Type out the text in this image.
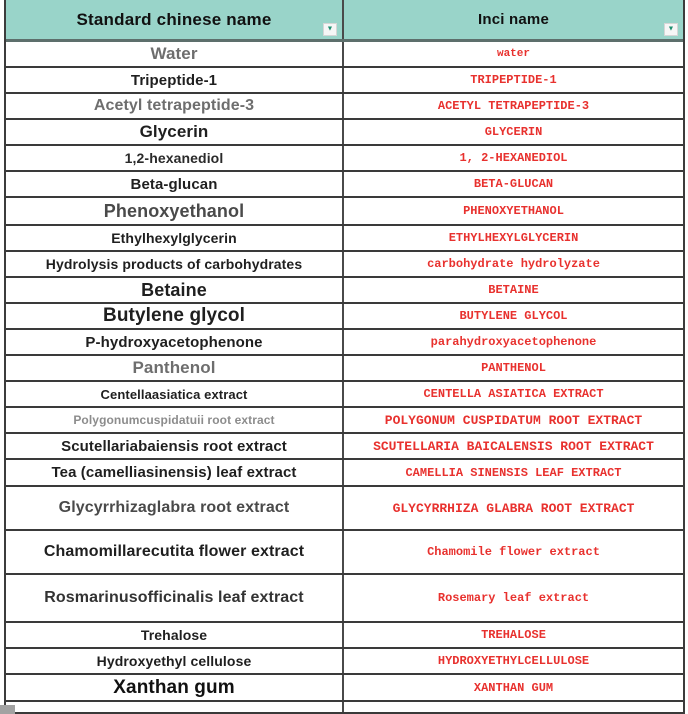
Standard chinese name
▼
Inci name
▼
Water	water
Tripeptide-1	TRIPEPTIDE-1
Acetyl tetrapeptide-3	ACETYL TETRAPEPTIDE-3
Glycerin	GLYCERIN
1,2-hexanediol	1, 2-HEXANEDIOL
Beta-glucan	BETA-GLUCAN
Phenoxyethanol	PHENOXYETHANOL
Ethylhexylglycerin	ETHYLHEXYLGLYCERIN
Hydrolysis products of carbohydrates	carbohydrate hydrolyzate
Betaine	BETAINE
Butylene glycol	BUTYLENE GLYCOL
P-hydroxyacetophenone	parahydroxyacetophenone
Panthenol	PANTHENOL
Centellaasiatica extract	CENTELLA ASIATICA EXTRACT
Polygonumcuspidatuii root extract	POLYGONUM CUSPIDATUM ROOT EXTRACT
Scutellariabaiensis root extract	SCUTELLARIA BAICALENSIS ROOT EXTRACT
Tea (camelliasinensis) leaf extract	CAMELLIA SINENSIS LEAF EXTRACT
Glycyrrhizaglabra root extract	GLYCYRRHIZA GLABRA ROOT EXTRACT
Chamomillarecutita flower extract	Chamomile flower extract
Rosmarinusofficinalis leaf extract	Rosemary leaf extract
Trehalose	TREHALOSE
Hydroxyethyl cellulose	HYDROXYETHYLCELLULOSE
Xanthan gum	XANTHAN GUM
